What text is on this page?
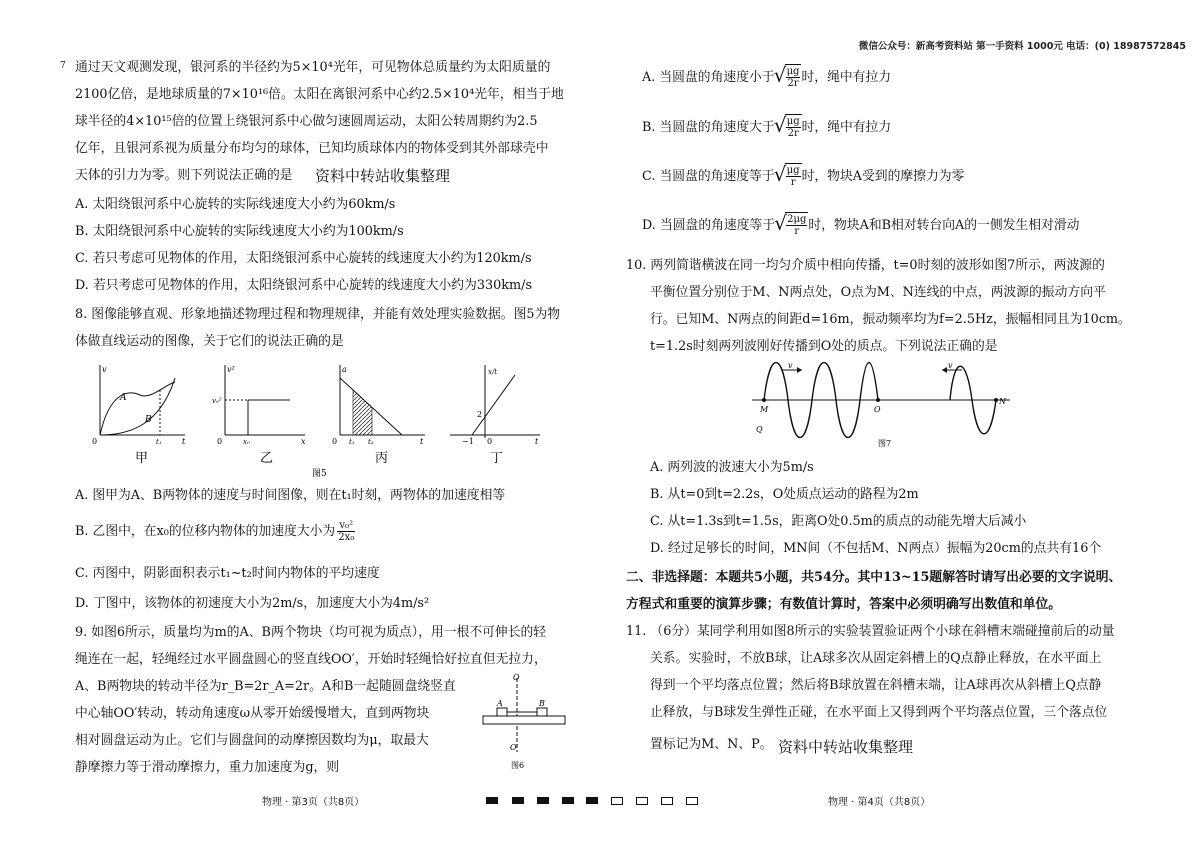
微信公众号：新高考资料站 第一手资料 1000元 电话：(0) 18987572845
7 通过天文观测发现，银河系的半径约为5×10⁴光年，可见物体总质量约为太阳质量的
2100亿倍，是地球质量的7×10¹⁶倍。太阳在离银河系中心约2.5×10⁴光年，相当于地
球半径的4×10¹⁵倍的位置上绕银河系中心做匀速圆周运动，太阳公转周期约为2.5
亿年，且银河系视为质量分布均匀的球体，已知均质球体内的物体受到其外部球壳中
天体的引力为零。则下列说法正确的是 资料中转站收集整理
A. 太阳绕银河系中心旋转的实际线速度大小约为60km/s
B. 太阳绕银河系中心旋转的实际线速度大小约为100km/s
C. 若只考虑可见物体的作用，太阳绕银河系中心旋转的线速度大小约为120km/s
D. 若只考虑可见物体的作用，太阳绕银河系中心旋转的线速度大小约为330km/s
8. 图像能够直观、形象地描述物理过程和物理规律，并能有效处理实验数据。图5为物
体做直线运动的图像，关于它们的说法正确的是
v
t
0
A
B
t₁
甲
v²
x
0
v₀²
x₀
乙
a
t
0 t₁ t₂
丙
x/t
t
0
−1
2
丁
图5
A. 图甲为A、B两物体的速度与时间图像，则在t₁时刻，两物体的加速度相等
B. 乙图中，在x₀的位移内物体的加速度大小为 $\frac{\text{v₀²}}{\text{2x₀}}$
C. 丙图中，阴影面积表示t₁~t₂时间内物体的平均速度
D. 丁图中，该物体的初速度大小为2m/s，加速度大小为4m/s²
9. 如图6所示，质量均为m的A、B两个物块（均可视为质点），用一根不可伸长的轻
绳连在一起，轻绳经过水平圆盘圆心的竖直线OO′，开始时轻绳恰好拉直但无拉力，
A、B两物块的转动半径为r_B=2r_A=2r。A和B一起随圆盘绕竖直
中心轴OO′转动，转动角速度ω从零开始缓慢增大，直到两物块
相对圆盘运动为止。它们与圆盘间的动摩擦因数均为μ，取最大
静摩擦力等于滑动摩擦力，重力加速度为g，则
O
O′
A	B
图6
物理 · 第3页（共8页）
A. 当圆盘的角速度小于 √ $\frac{\mu g}{2r}$ 时，绳中有拉力
B. 当圆盘的角速度大于 √ $\frac{\mu g}{2r}$ 时，绳中有拉力
C. 当圆盘的角速度等于 √ $\frac{\mu g}{r}$ 时，物块A受到的摩擦力为零
D. 当圆盘的角速度等于 √ $\frac{2\mu g}{r}$ 时，物块A和B相对转台向A的一侧发生相对滑动
10. 两列简谐横波在同一均匀介质中相向传播，t=0时刻的波形如图7所示，两波源的
平衡位置分别位于M、N两点处，O点为M、N连线的中点，两波源的振动方向平
行。已知M、N两点的间距d=16m，振动频率均为f=2.5Hz，振幅相同且为10cm。
t=1.2s时刻两列波刚好传播到O处的质点。下列说法正确的是
v	v
M	O
N
Q
图7
A. 两列波的波速大小为5m/s
B. 从t=0到t=2.2s，O处质点运动的路程为2m
C. 从t=1.3s到t=1.5s，距离O处0.5m的质点的动能先增大后减小
D. 经过足够长的时间，MN间（不包括M、N两点）振幅为20cm的点共有16个
二、非选择题：本题共5小题，共54分。其中13~15题解答时请写出必要的文字说明、
方程式和重要的演算步骤；有数值计算时，答案中必须明确写出数值和单位。
11. （6分）某同学利用如图8所示的实验装置验证两个小球在斜槽末端碰撞前后的动量
关系。实验时，不放B球，让A球多次从固定斜槽上的Q点静止释放，在水平面上
得到一个平均落点位置；然后将B球放置在斜槽末端，让A球再次从斜槽上Q点静
止释放，与B球发生弹性正碰，在水平面上又得到两个平均落点位置，三个落点位
置标记为M、N、P。 资料中转站收集整理
物理 · 第4页（共8页）
